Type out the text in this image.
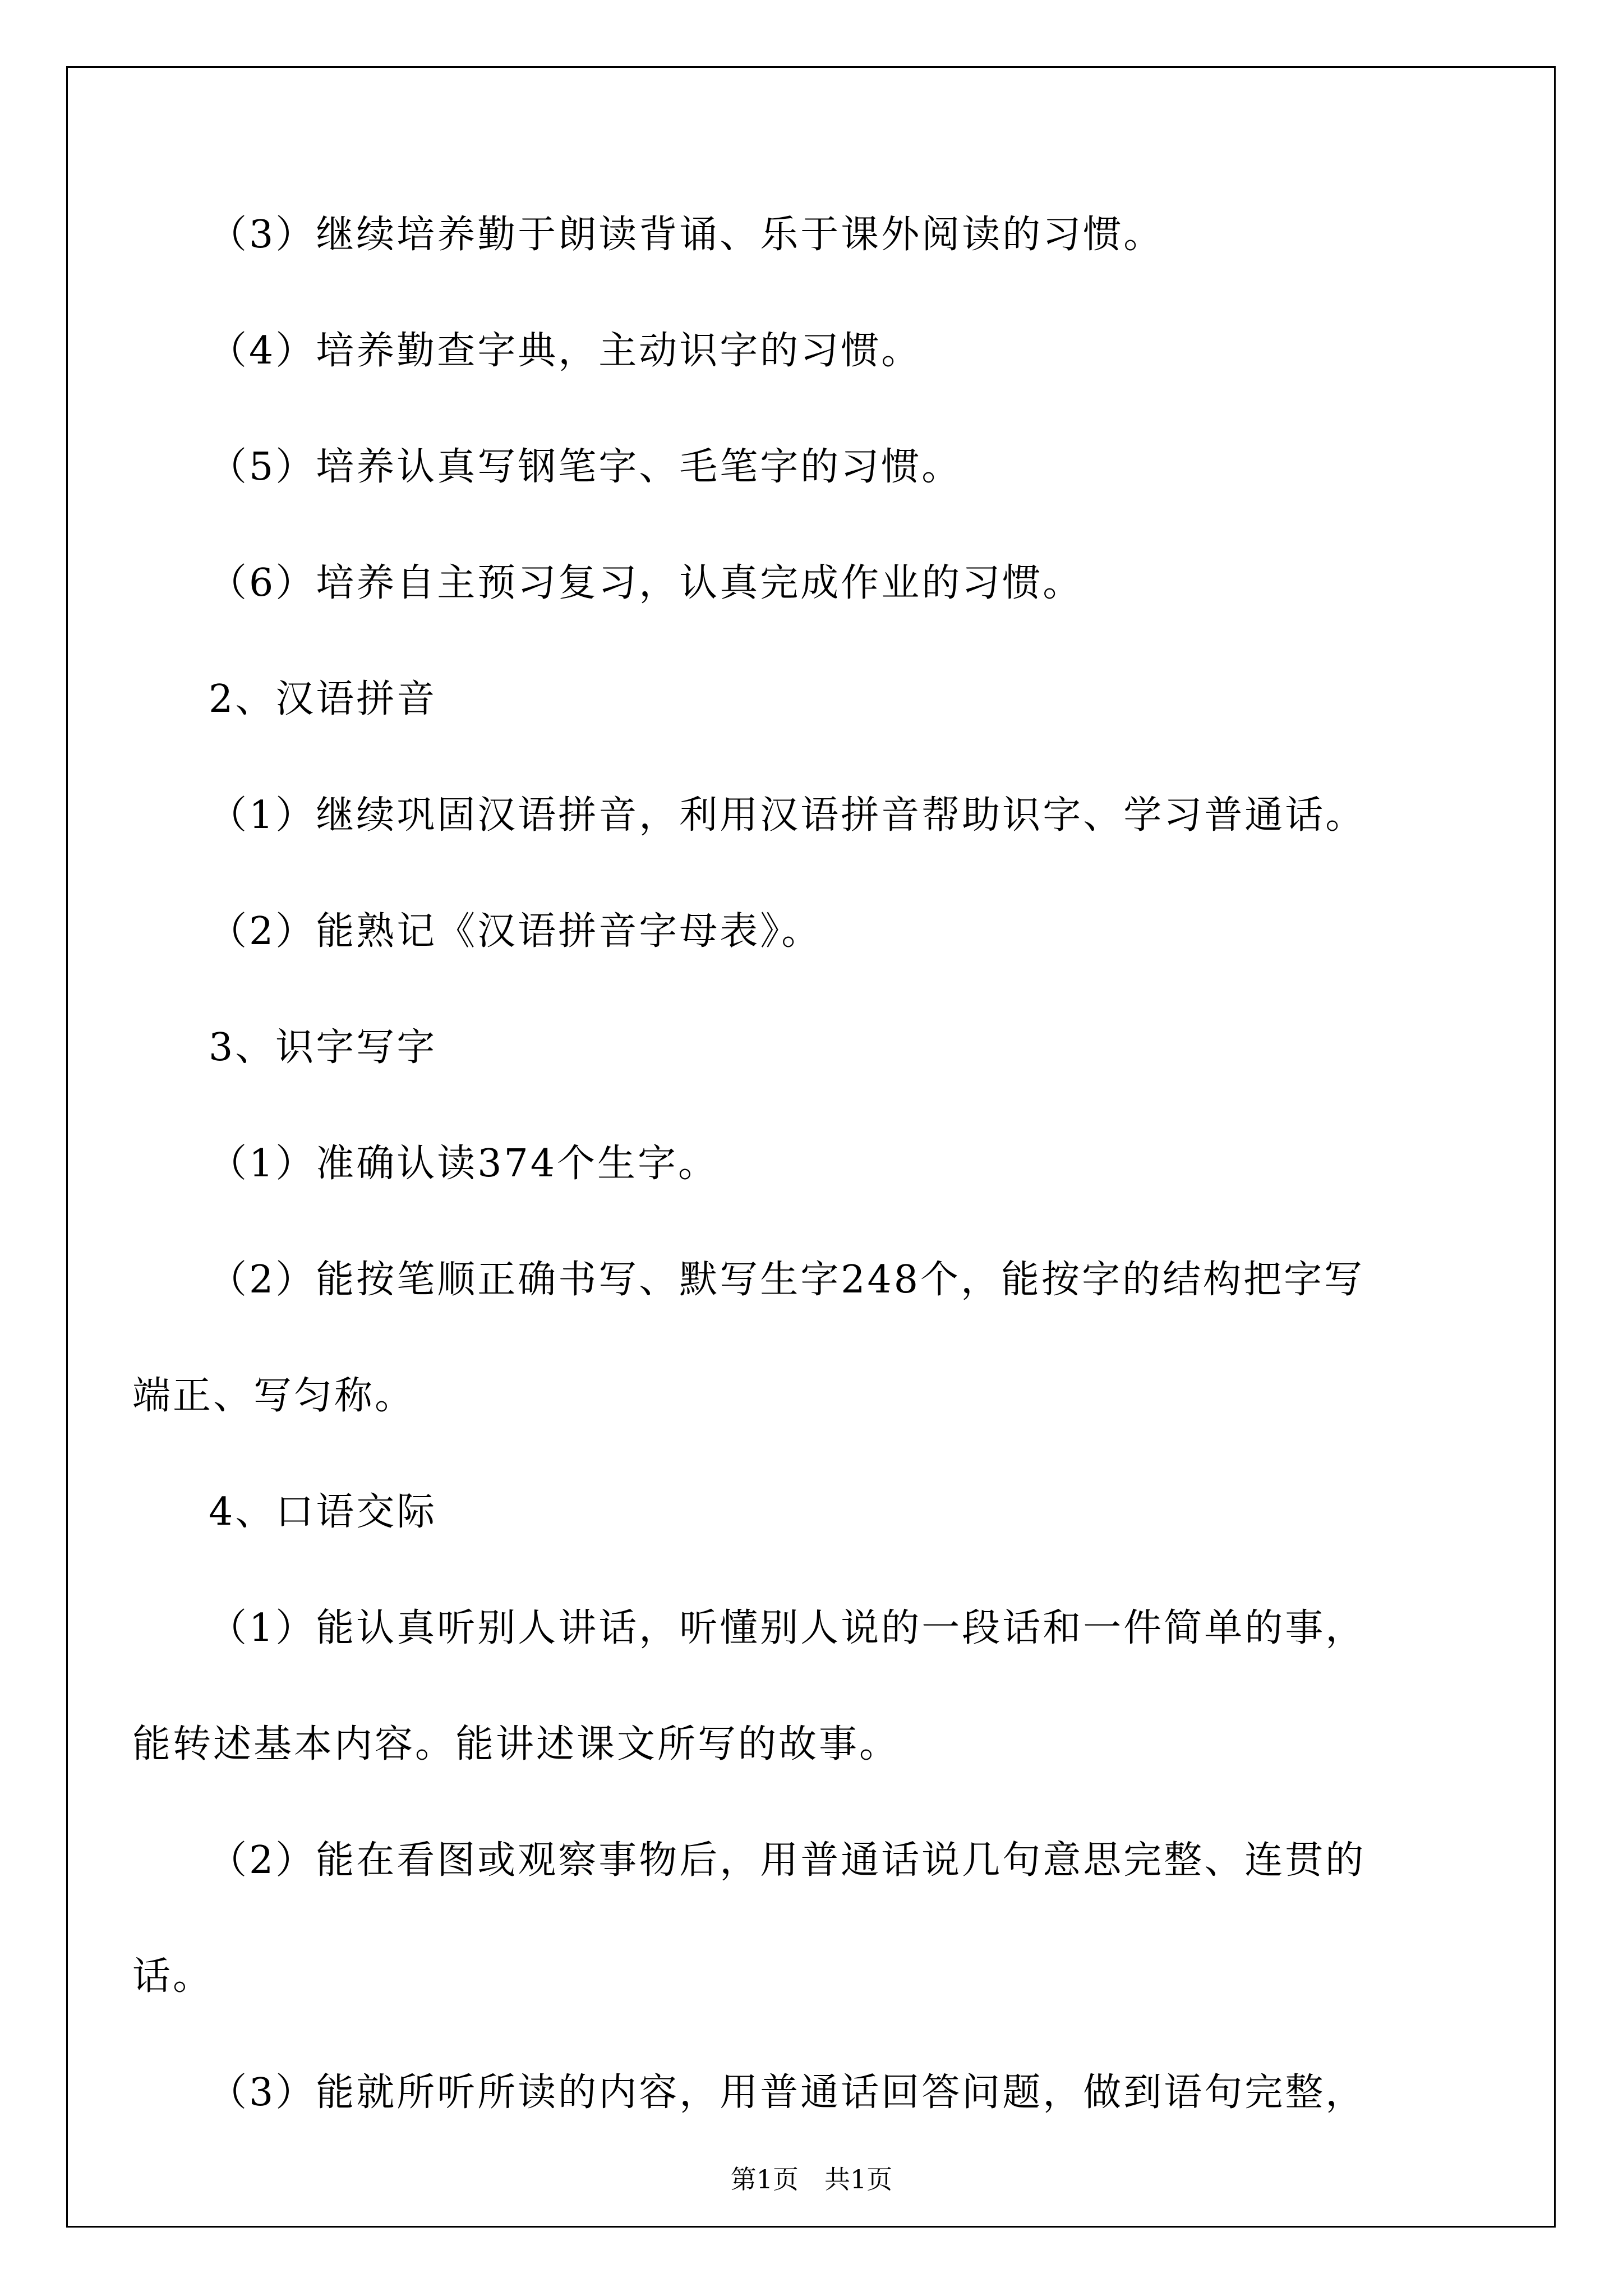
（3）继续培养勤于朗读背诵、乐于课外阅读的习惯。

（4）培养勤查字典，主动识字的习惯。

（5）培养认真写钢笔字、毛笔字的习惯。

（6）培养自主预习复习，认真完成作业的习惯。

2、汉语拼音

（1）继续巩固汉语拼音，利用汉语拼音帮助识字、学习普通话。

（2）能熟记《汉语拼音字母表》。

3、识字写字

（1）准确认读374个生字。

（2）能按笔顺正确书写、默写生字248个，能按字的结构把字写
端正、写匀称。

4、口语交际

（1）能认真听别人讲话，听懂别人说的一段话和一件简单的事，
能转述基本内容。能讲述课文所写的故事。

（2）能在看图或观察事物后，用普通话说几句意思完整、连贯的
话。

（3）能就所听所读的内容，用普通话回答问题，做到语句完整，

第1页 共1页
